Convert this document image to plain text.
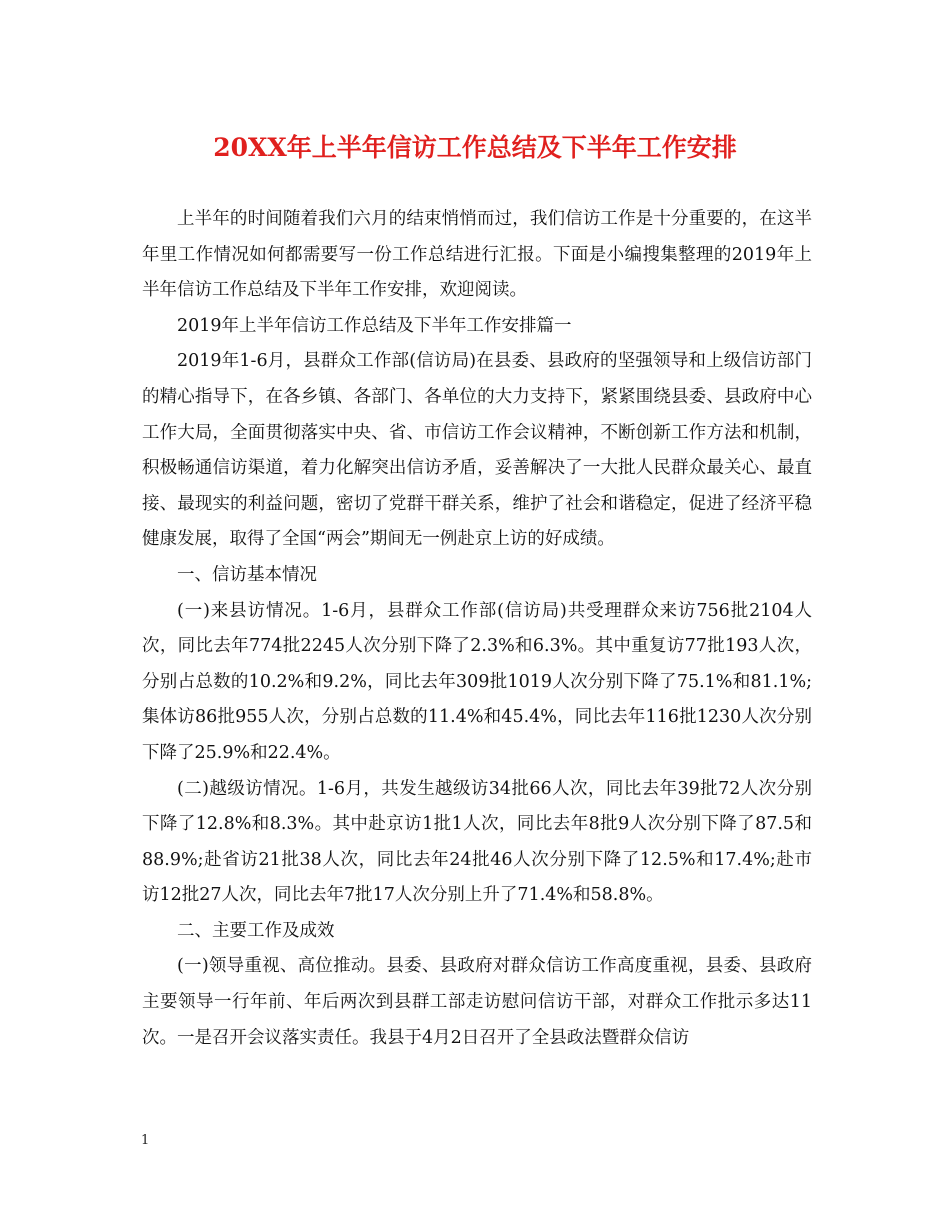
20XX年上半年信访工作总结及下半年工作安排

上半年的时间随着我们六月的结束悄悄而过，我们信访工作是十分重要的，在这半年里工作情况如何都需要写一份工作总结进行汇报。下面是小编搜集整理的2019年上半年信访工作总结及下半年工作安排，欢迎阅读。

2019年上半年信访工作总结及下半年工作安排篇一

2019年1-6月，县群众工作部(信访局)在县委、县政府的坚强领导和上级信访部门的精心指导下，在各乡镇、各部门、各单位的大力支持下，紧紧围绕县委、县政府中心工作大局，全面贯彻落实中央、省、市信访工作会议精神，不断创新工作方法和机制，积极畅通信访渠道，着力化解突出信访矛盾，妥善解决了一大批人民群众最关心、最直接、最现实的利益问题，密切了党群干群关系，维护了社会和谐稳定，促进了经济平稳健康发展，取得了全国“两会”期间无一例赴京上访的好成绩。

一、信访基本情况

(一)来县访情况。1-6月，县群众工作部(信访局)共受理群众来访756批2104人次，同比去年774批2245人次分别下降了2.3%和6.3%。其中重复访77批193人次，分别占总数的10.2%和9.2%，同比去年309批1019人次分别下降了75.1%和81.1%;集体访86批955人次，分别占总数的11.4%和45.4%，同比去年116批1230人次分别下降了25.9%和22.4%。

(二)越级访情况。1-6月，共发生越级访34批66人次，同比去年39批72人次分别下降了12.8%和8.3%。其中赴京访1批1人次，同比去年8批9人次分别下降了87.5和88.9%;赴省访21批38人次，同比去年24批46人次分别下降了12.5%和17.4%;赴市访12批27人次，同比去年7批17人次分别上升了71.4%和58.8%。

二、主要工作及成效

(一)领导重视、高位推动。县委、县政府对群众信访工作高度重视，县委、县政府主要领导一行年前、年后两次到县群工部走访慰问信访干部，对群众工作批示多达11次。一是召开会议落实责任。我县于4月2日召开了全县政法暨群众信访

1
